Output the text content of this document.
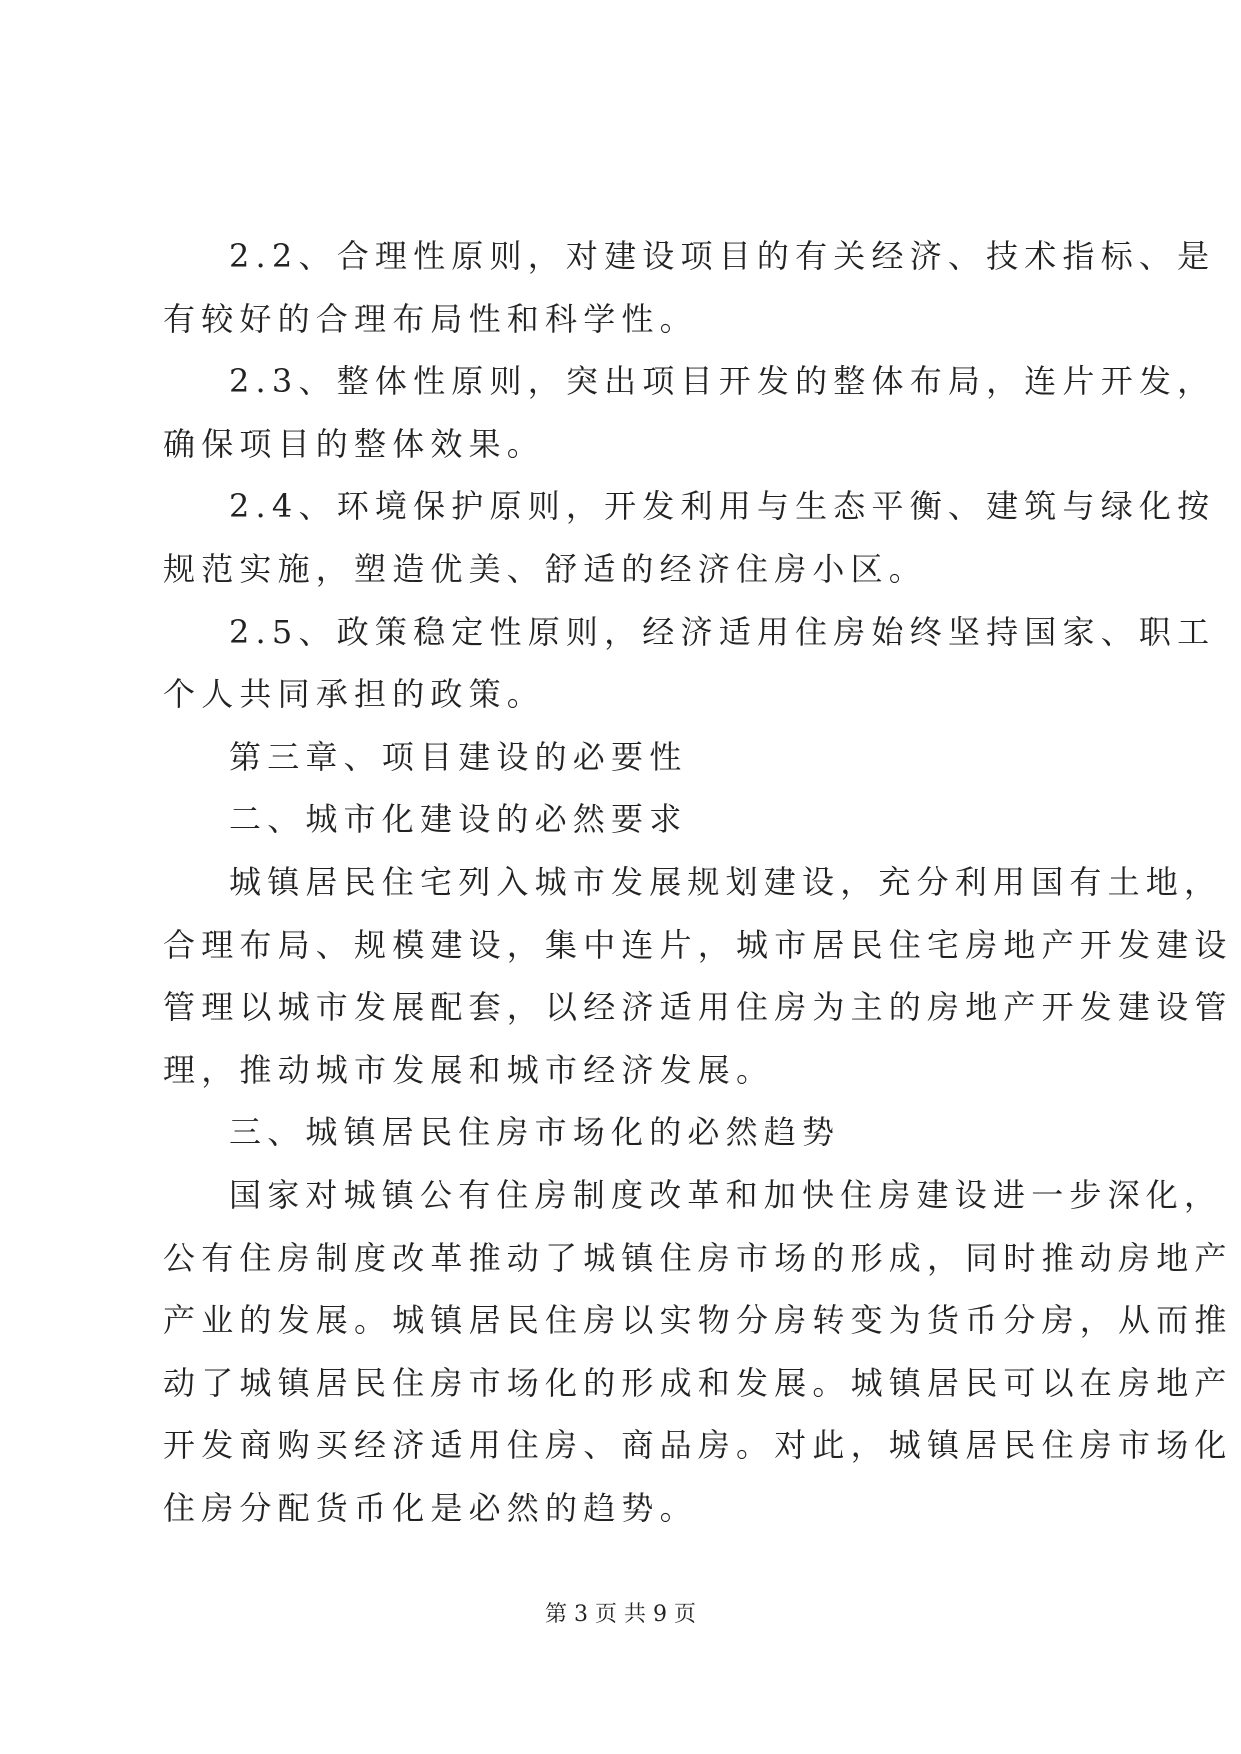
2.2、合理性原则，对建设项目的有关经济、技术指标、是
有较好的合理布局性和科学性。
2.3、整体性原则，突出项目开发的整体布局，连片开发，
确保项目的整体效果。
2.4、环境保护原则，开发利用与生态平衡、建筑与绿化按
规范实施，塑造优美、舒适的经济住房小区。
2.5、政策稳定性原则，经济适用住房始终坚持国家、职工
个人共同承担的政策。
第三章、项目建设的必要性
二、城市化建设的必然要求
城镇居民住宅列入城市发展规划建设，充分利用国有土地，
合理布局、规模建设，集中连片，城市居民住宅房地产开发建设
管理以城市发展配套，以经济适用住房为主的房地产开发建设管
理，推动城市发展和城市经济发展。
三、城镇居民住房市场化的必然趋势
国家对城镇公有住房制度改革和加快住房建设进一步深化，
公有住房制度改革推动了城镇住房市场的形成，同时推动房地产
产业的发展。城镇居民住房以实物分房转变为货币分房，从而推
动了城镇居民住房市场化的形成和发展。城镇居民可以在房地产
开发商购买经济适用住房、商品房。对此，城镇居民住房市场化
住房分配货币化是必然的趋势。
第 3 页 共 9 页
